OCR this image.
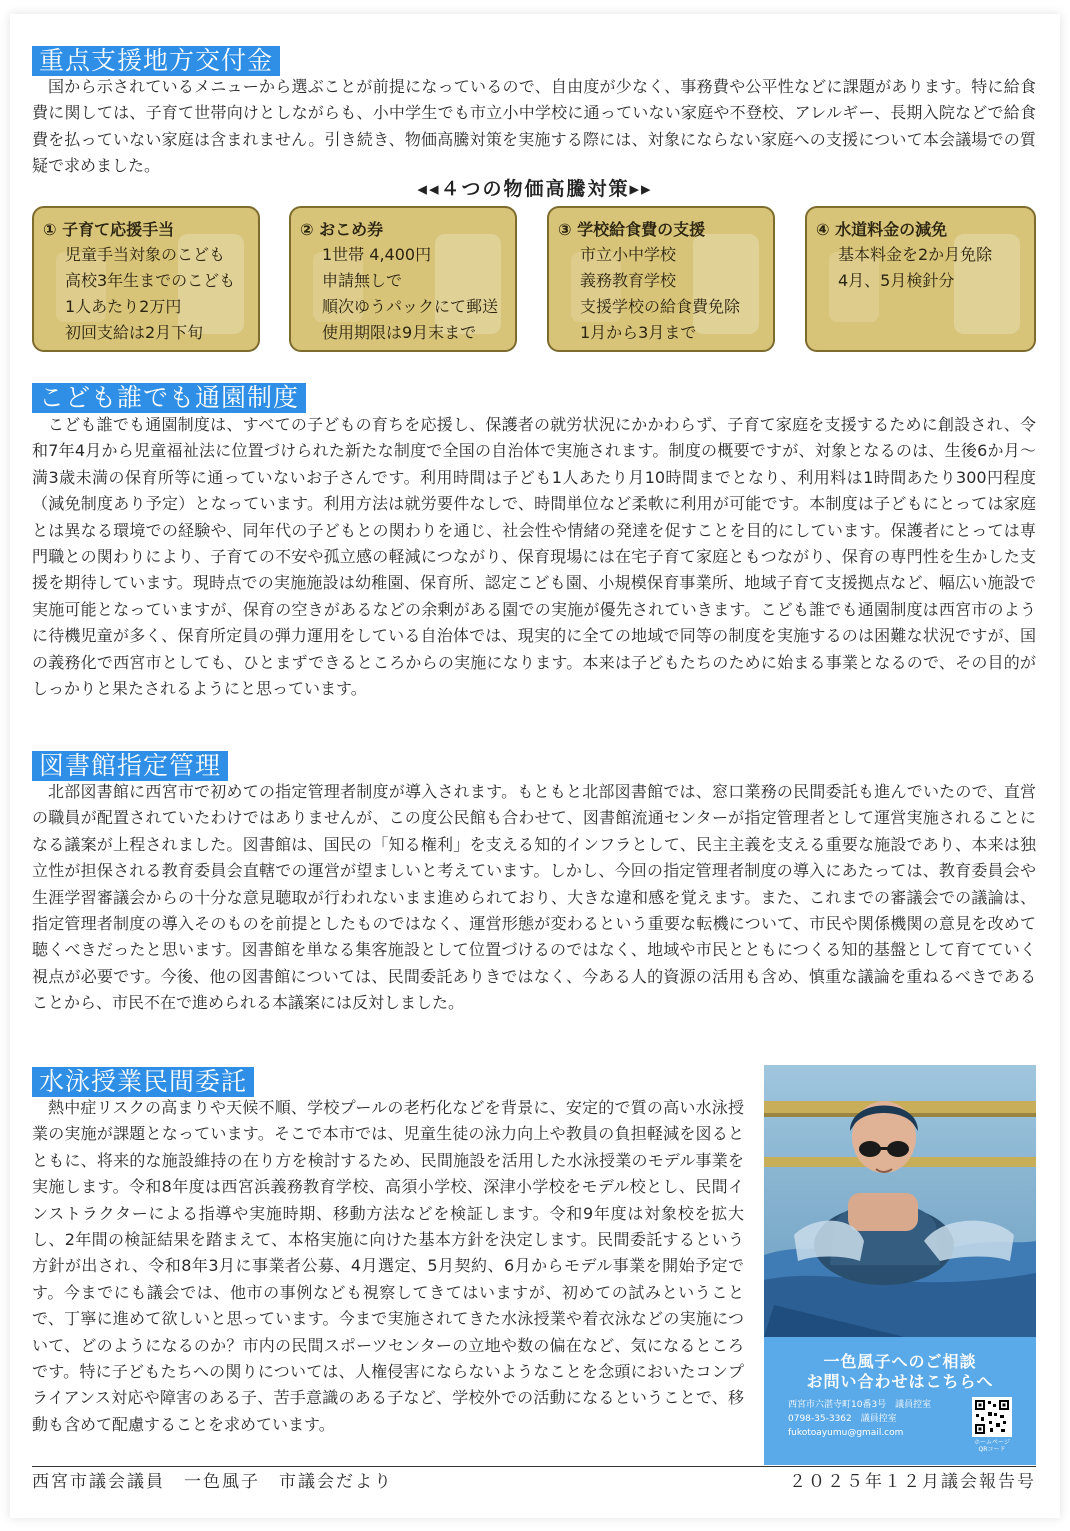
重点支援地方交付金

国から示されているメニューから選ぶことが前提になっているので、自由度が少なく、事務費や公平性などに課題があります。特に給食費に関しては、子育て世帯向けとしながらも、小中学生でも市立小中学校に通っていない家庭や不登校、アレルギー、長期入院などで給食費を払っていない家庭は含まれません。引き続き、物価高騰対策を実施する際には、対象にならない家庭への支援について本会議場での質疑で求めました。

◂◂４つの物価高騰対策▸▸

① 子育て応援手当

児童手当対象のこども

高校3年生までのこども

1人あたり2万円

初回支給は2月下旬

② おこめ券

1世帯 4,400円

申請無しで

順次ゆうパックにて郵送

使用期限は9月末まで

③ 学校給食費の支援

市立小中学校

義務教育学校

支援学校の給食費免除

1月から3月まで

④ 水道料金の減免

基本料金を2か月免除

4月、5月検針分

こども誰でも通園制度

こども誰でも通園制度は、すべての子どもの育ちを応援し、保護者の就労状況にかかわらず、子育て家庭を支援するために創設され、令和7年4月から児童福祉法に位置づけられた新たな制度で全国の自治体で実施されます。制度の概要ですが、対象となるのは、生後6か月～満3歳未満の保育所等に通っていないお子さんです。利用時間は子ども1人あたり月10時間までとなり、利用料は1時間あたり300円程度（減免制度あり予定）となっています。利用方法は就労要件なしで、時間単位など柔軟に利用が可能です。本制度は子どもにとっては家庭とは異なる環境での経験や、同年代の子どもとの関わりを通じ、社会性や情緒の発達を促すことを目的にしています。保護者にとっては専門職との関わりにより、子育ての不安や孤立感の軽減につながり、保育現場には在宅子育て家庭ともつながり、保育の専門性を生かした支援を期待しています。現時点での実施施設は幼稚園、保育所、認定こども園、小規模保育事業所、地域子育て支援拠点など、幅広い施設で実施可能となっていますが、保育の空きがあるなどの余剰がある園での実施が優先されていきます。こども誰でも通園制度は西宮市のように待機児童が多く、保育所定員の弾力運用をしている自治体では、現実的に全ての地域で同等の制度を実施するのは困難な状況ですが、国の義務化で西宮市としても、ひとまずできるところからの実施になります。本来は子どもたちのために始まる事業となるので、その目的がしっかりと果たされるようにと思っています。

図書館指定管理

北部図書館に西宮市で初めての指定管理者制度が導入されます。もともと北部図書館では、窓口業務の民間委託も進んでいたので、直営の職員が配置されていたわけではありませんが、この度公民館も合わせて、図書館流通センターが指定管理者として運営実施されることになる議案が上程されました。図書館は、国民の「知る権利」を支える知的インフラとして、民主主義を支える重要な施設であり、本来は独立性が担保される教育委員会直轄での運営が望ましいと考えています。しかし、今回の指定管理者制度の導入にあたっては、教育委員会や生涯学習審議会からの十分な意見聴取が行われないまま進められており、大きな違和感を覚えます。また、これまでの審議会での議論は、指定管理者制度の導入そのものを前提としたものではなく、運営形態が変わるという重要な転機について、市民や関係機関の意見を改めて聴くべきだったと思います。図書館を単なる集客施設として位置づけるのではなく、地域や市民とともにつくる知的基盤として育てていく視点が必要です。今後、他の図書館については、民間委託ありきではなく、今ある人的資源の活用も含め、慎重な議論を重ねるべきであることから、市民不在で進められる本議案には反対しました。

水泳授業民間委託

熱中症リスクの高まりや天候不順、学校プールの老朽化などを背景に、安定的で質の高い水泳授業の実施が課題となっています。そこで本市では、児童生徒の泳力向上や教員の負担軽減を図るとともに、将来的な施設維持の在り方を検討するため、民間施設を活用した水泳授業のモデル事業を実施します。令和8年度は西宮浜義務教育学校、高須小学校、深津小学校をモデル校とし、民間インストラクターによる指導や実施時期、移動方法などを検証します。令和9年度は対象校を拡大し、2年間の検証結果を踏まえて、本格実施に向けた基本方針を決定します。民間委託するという方針が出され、令和8年3月に事業者公募、4月選定、5月契約、6月からモデル事業を開始予定です。今までにも議会では、他市の事例なども視察してきてはいますが、初めての試みということで、丁寧に進めて欲しいと思っています。今まで実施されてきた水泳授業や着衣泳などの実施について、どのようになるのか？市内の民間スポーツセンターの立地や数の偏在など、気になるところです。特に子どもたちへの関りについては、人権侵害にならないようなことを念頭においたコンプライアンス対応や障害のある子、苦手意識のある子など、学校外での活動になるということで、移動も含めて配慮することを求めています。

一色風子へのご相談

お問い合わせはこちらへ

西宮市六湛寺町10番3号　議員控室

0798-35-3362　議員控室

fukotoayumu@gmail.com

ホームページ
QRコード

西宮市議会議員　一色風子　市議会だより	２０２５年１２月議会報告号
